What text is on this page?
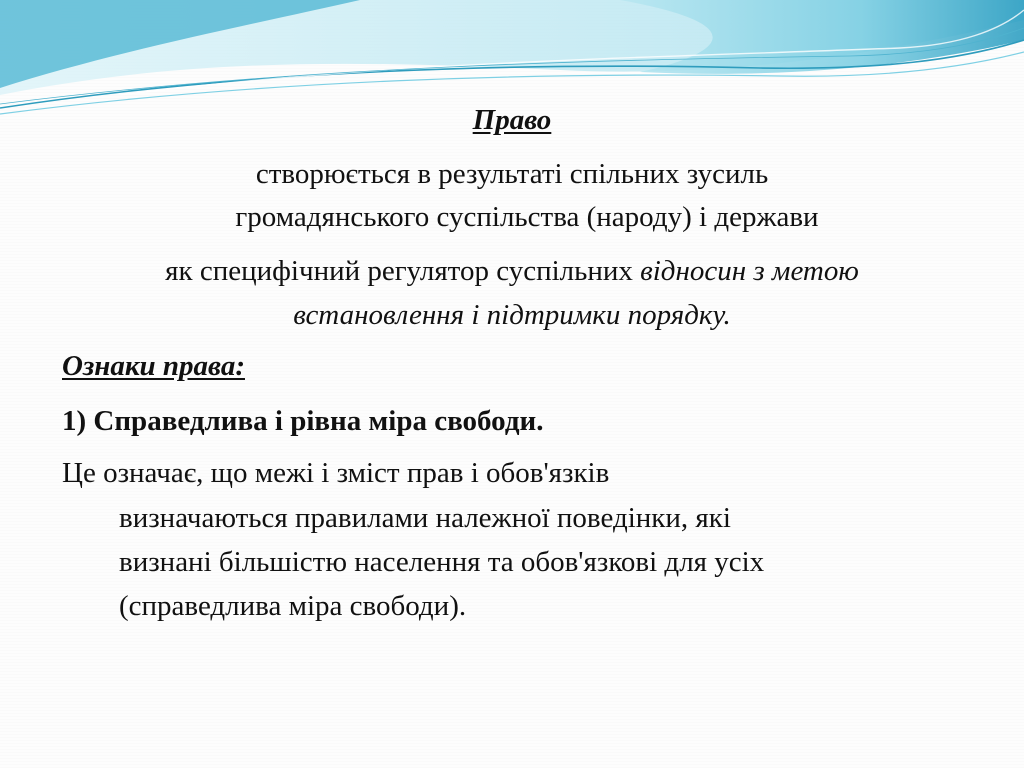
Право
створюється в результаті спільних зусиль
громадянського суспільства (народу) і держави
як специфічний регулятор суспільних відносин з метою
встановлення і підтримки порядку.
Ознаки права:
1) Справедлива і рівна міра свободи.
Це означає, що межі і зміст прав і обов'язків
визначаються правилами належної поведінки, які
визнані більшістю населення та обов'язкові для усіх
(справедлива міра свободи).
